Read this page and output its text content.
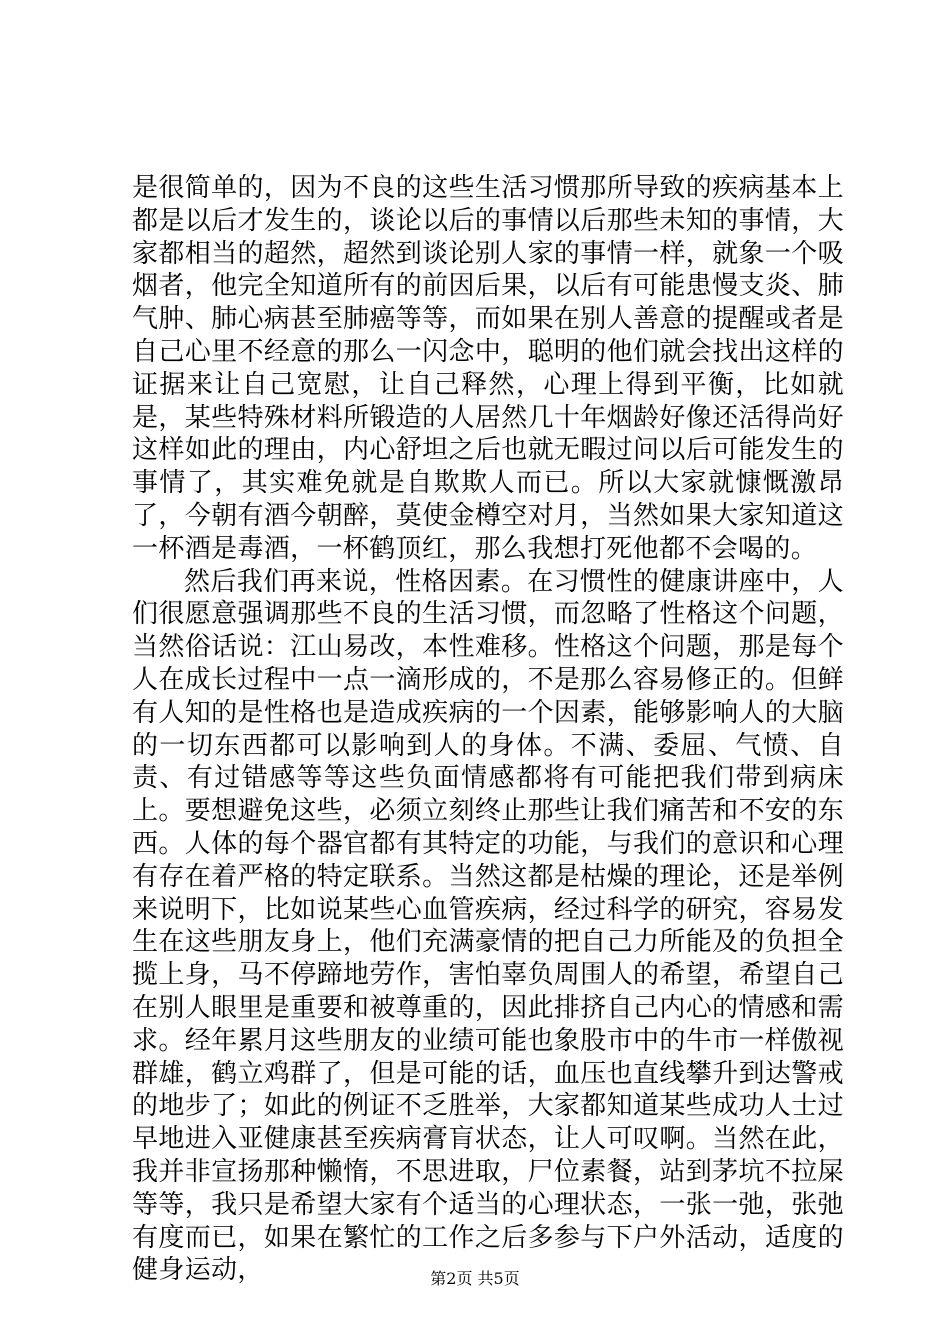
是很简单的，因为不良的这些生活习惯那所导致的疾病基本上都是以后才发生的，谈论以后的事情以后那些未知的事情，大家都相当的超然，超然到谈论别人家的事情一样，就象一个吸烟者，他完全知道所有的前因后果，以后有可能患慢支炎、肺气肿、肺心病甚至肺癌等等，而如果在别人善意的提醒或者是自己心里不经意的那么一闪念中，聪明的他们就会找出这样的证据来让自己宽慰，让自己释然，心理上得到平衡，比如就是，某些特殊材料所锻造的人居然几十年烟龄好像还活得尚好这样如此的理由，内心舒坦之后也就无暇过问以后可能发生的事情了，其实难免就是自欺欺人而已。所以大家就慷慨激昂了，今朝有酒今朝醉，莫使金樽空对月，当然如果大家知道这一杯酒是毒酒，一杯鹤顶红，那么我想打死他都不会喝的。

然后我们再来说，性格因素。在习惯性的健康讲座中，人们很愿意强调那些不良的生活习惯，而忽略了性格这个问题，当然俗话说：江山易改，本性难移。性格这个问题，那是每个人在成长过程中一点一滴形成的，不是那么容易修正的。但鲜有人知的是性格也是造成疾病的一个因素，能够影响人的大脑的一切东西都可以影响到人的身体。不满、委屈、气愤、自责、有过错感等等这些负面情感都将有可能把我们带到病床上。要想避免这些，必须立刻终止那些让我们痛苦和不安的东西。人体的每个器官都有其特定的功能，与我们的意识和心理有存在着严格的特定联系。当然这都是枯燥的理论，还是举例来说明下，比如说某些心血管疾病，经过科学的研究，容易发生在这些朋友身上，他们充满豪情的把自己力所能及的负担全揽上身，马不停蹄地劳作，害怕辜负周围人的希望，希望自己在别人眼里是重要和被尊重的，因此排挤自己内心的情感和需求。经年累月这些朋友的业绩可能也象股市中的牛市一样傲视群雄，鹤立鸡群了，但是可能的话，血压也直线攀升到达警戒的地步了；如此的例证不乏胜举，大家都知道某些成功人士过早地进入亚健康甚至疾病膏肓状态，让人可叹啊。当然在此，我并非宣扬那种懒惰，不思进取，尸位素餐，站到茅坑不拉屎等等，我只是希望大家有个适当的心理状态，一张一弛，张弛有度而已，如果在繁忙的工作之后多参与下户外活动，适度的健身运动，	第2页 共5页
